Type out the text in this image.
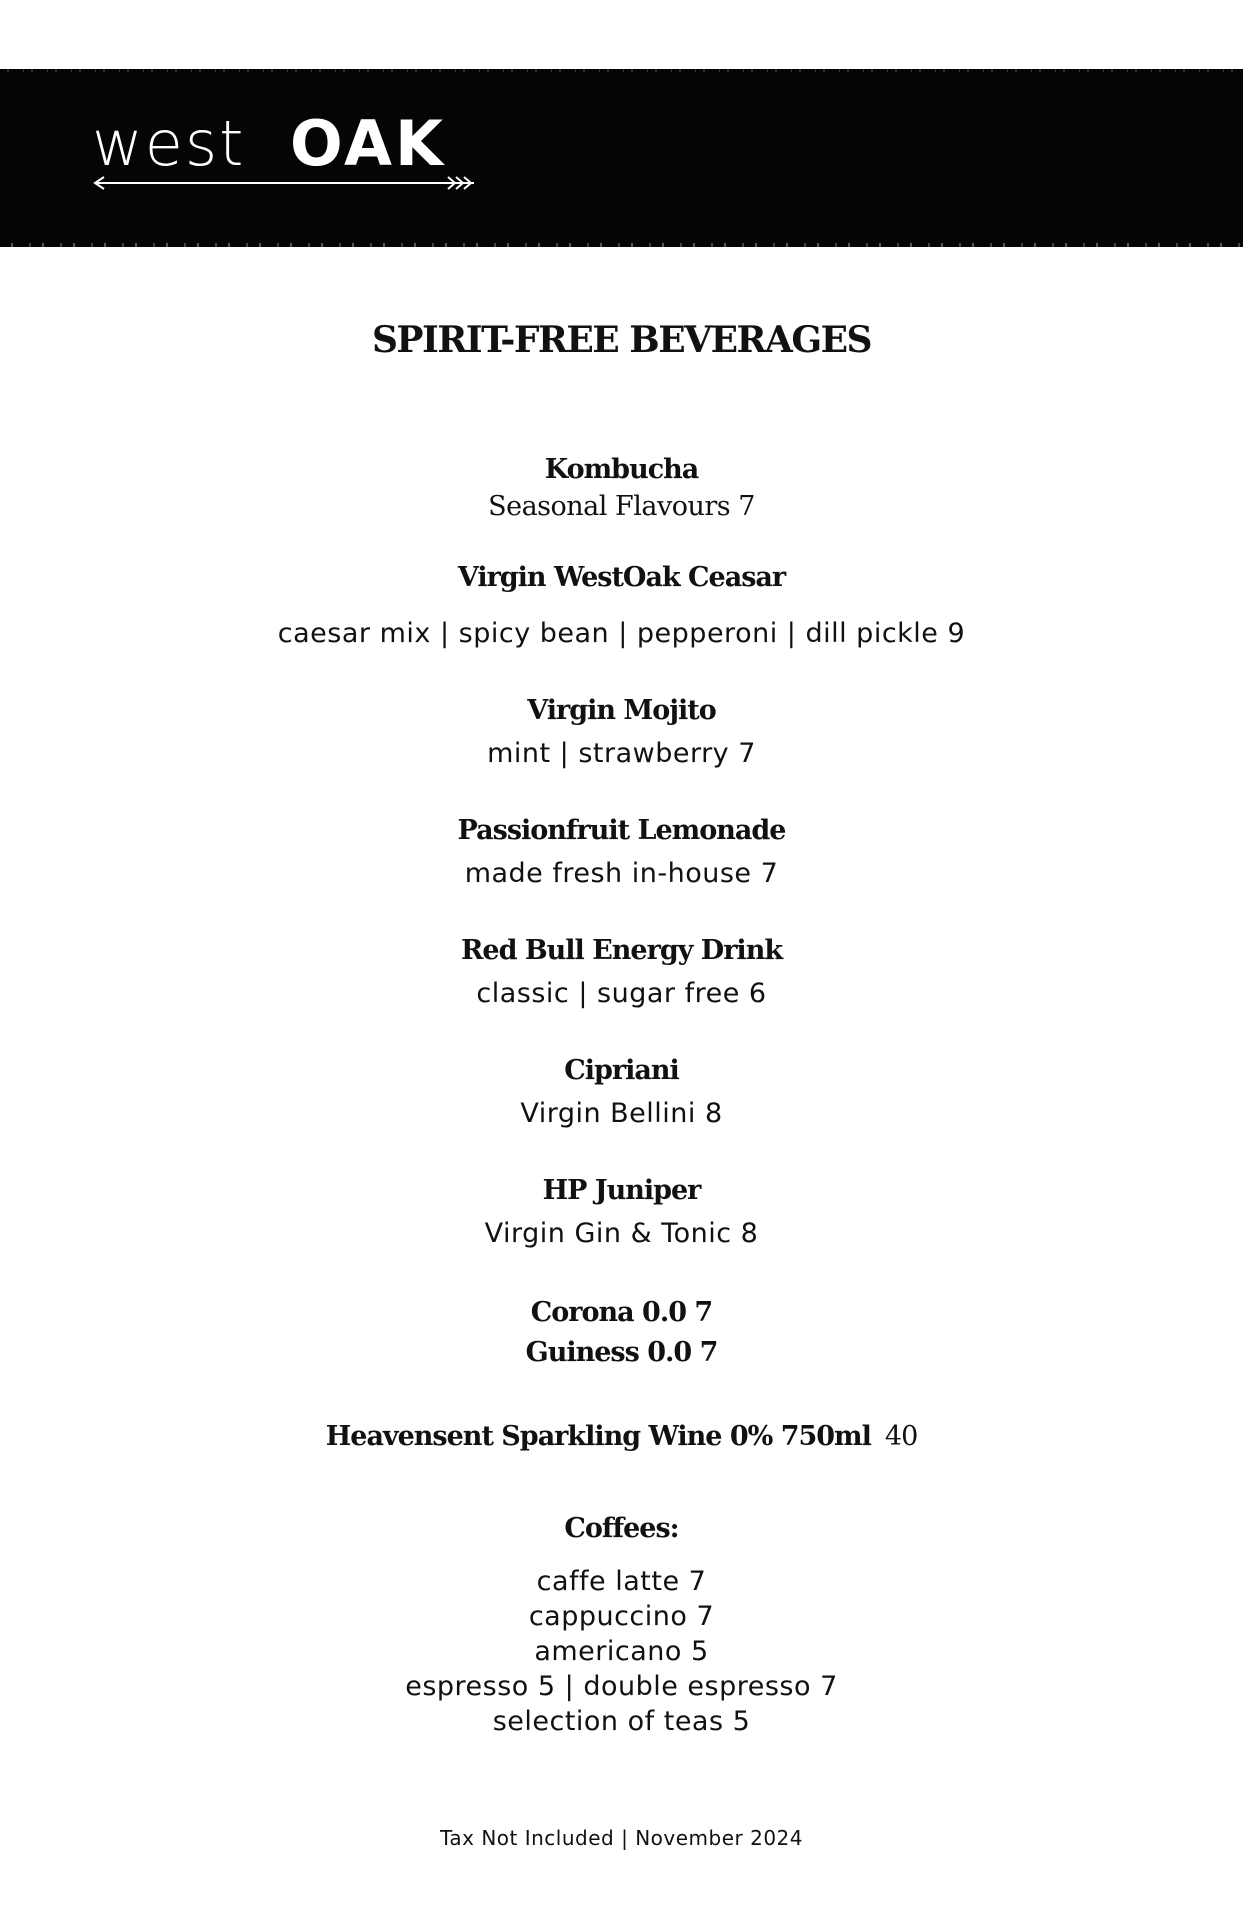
west OAK
SPIRIT-FREE BEVERAGES
Kombucha
Seasonal Flavours 7
Virgin WestOak Ceasar
caesar mix | spicy bean | pepperoni | dill pickle 9
Virgin Mojito
mint | strawberry 7
Passionfruit Lemonade
made fresh in-house 7
Red Bull Energy Drink
classic | sugar free 6
Cipriani
Virgin Bellini 8
HP Juniper
Virgin Gin & Tonic 8
Corona 0.0 7
Guiness 0.0 7
Heavensent Sparkling Wine 0% 750ml 40
Coffees:
caffe latte 7
cappuccino 7
americano 5
espresso 5 | double espresso 7
selection of teas 5
Tax Not Included | November 2024
